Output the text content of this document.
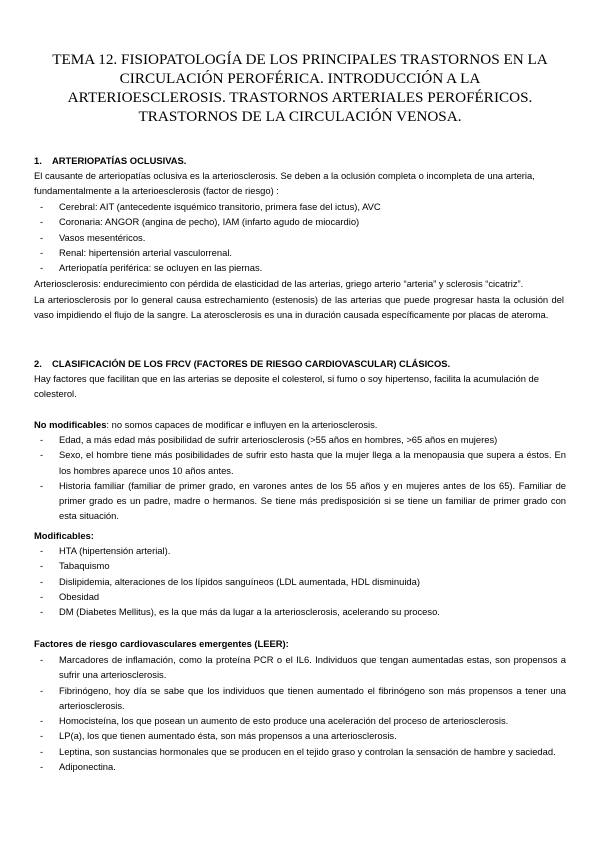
TEMA 12. FISIOPATOLOGÍA DE LOS PRINCIPALES TRASTORNOS EN LA CIRCULACIÓN PEROFÉRICA. INTRODUCCIÓN A LA ARTERIOESCLEROSIS. TRASTORNOS ARTERIALES PEROFÉRICOS. TRASTORNOS DE LA CIRCULACIÓN VENOSA.
1. ARTERIOPATÍAS OCLUSIVAS.
El causante de arteriopatías oclusiva es la arteriosclerosis. Se deben a la oclusión completa o incompleta de una arteria, fundamentalmente a la arterioesclerosis (factor de riesgo) :
- Cerebral: AIT (antecedente isquémico transitorio, primera fase del ictus), AVC
- Coronaria: ANGOR (angina de pecho), IAM (infarto agudo de miocardio)
- Vasos mesentéricos.
- Renal: hipertensión arterial vasculorrenal.
- Arteriopatía periférica: se ocluyen en las piernas.
Arteriosclerosis: endurecimiento con pérdida de elasticidad de las arterias, griego arterio “arteria” y sclerosis “cicatriz”.
La arteriosclerosis por lo general causa estrechamiento (estenosis) de las arterias que puede progresar hasta la oclusión del vaso impidiendo el flujo de la sangre. La aterosclerosis es una in duración causada específicamente por placas de ateroma.
2. CLASIFICACIÓN DE LOS FRCV (FACTORES DE RIESGO CARDIOVASCULAR) CLÁSICOS.
Hay factores que facilitan que en las arterias se deposite el colesterol, si fumo o soy hipertenso, facilita la acumulación de colesterol.
No modificables: no somos capaces de modificar e influyen en la arteriosclerosis.
- Edad, a más edad más posibilidad de sufrir arteriosclerosis (>55 años en hombres, >65 años en mujeres)
- Sexo, el hombre tiene más posibilidades de sufrir esto hasta que la mujer llega a la menopausia que supera a éstos. En los hombres aparece unos 10 años antes.
- Historia familiar (familiar de primer grado, en varones antes de los 55 años y en mujeres antes de los 65). Familiar de primer grado es un padre, madre o hermanos. Se tiene más predisposición si se tiene un familiar de primer grado con esta situación.
Modificables:
- HTA (hipertensión arterial).
- Tabaquismo
- Dislipidemia, alteraciones de los lípidos sanguíneos (LDL aumentada, HDL disminuida)
- Obesidad
- DM (Diabetes Mellitus), es la que más da lugar a la arteriosclerosis, acelerando su proceso.
Factores de riesgo cardiovasculares emergentes (LEER):
- Marcadores de inflamación, como la proteína PCR o el IL6. Individuos que tengan aumentadas estas, son propensos a sufrir una arteriosclerosis.
- Fibrinógeno, hoy día se sabe que los individuos que tienen aumentado el fibrinógeno son más propensos a tener una arteriosclerosis.
- Homocisteína, los que posean un aumento de esto produce una aceleración del proceso de arteriosclerosis.
- LP(a), los que tienen aumentado ésta, son más propensos a una arteriosclerosis.
- Leptina, son sustancias hormonales que se producen en el tejido graso y controlan la sensación de hambre y saciedad.
- Adiponectina.
